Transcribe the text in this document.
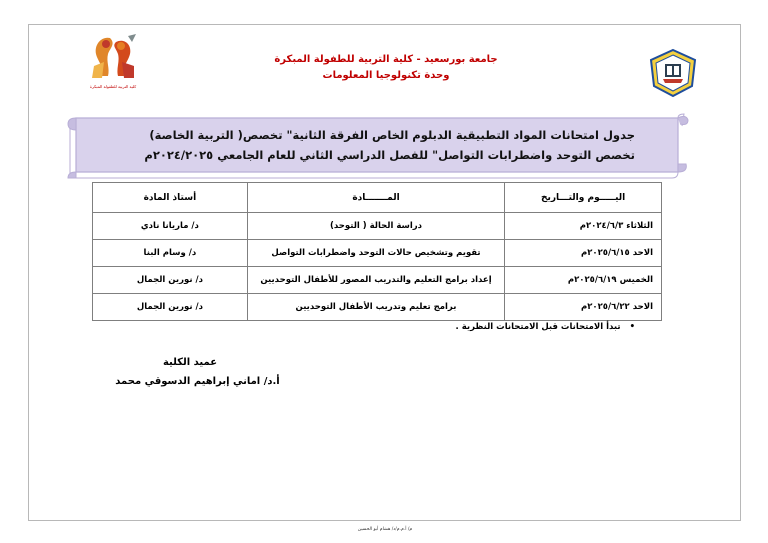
كلية التربية للطفولة المبكرة
جامعة بورسعيد - كلية التربية للطفولة المبكرة
وحدة تكنولوجيا المعلومات
جدول امتحانات المواد التطبيقية الدبلوم الخاص الفرقة الثانية" تخصص( التربية الخاصة)
تخصص التوحد واضطرابات التواصل" للفصل الدراسي الثاني للعام الجامعي ٢٠٢٤/٢٠٢٥م
اليـــــوم والتـــاريخ	المـــــــادة	أستاذ المادة
الثلاثاء ٢٠٢٤/٦/٣م	دراسة الحالة ( التوحد)	د/ ماريانا نادي
الاحد ٢٠٢٥/٦/١٥م	تقويم وتشخيص حالات التوحد واضطرابات التواصل	د/ وسام البنا
الخميس ٢٠٢٥/٦/١٩م	إعداد برامج التعليم والتدريب المصور للأطفال التوحديين	د/ نورين الجمال
الاحد ٢٠٢٥/٦/٢٢م	برامج تعليم وتدريب الأطفال التوحديين	د/ نورين الجمال
• تبدأ الامتحانات قبل الامتحانات النظرية .
عميد الكلية
أ.د/ اماني إبراهيم الدسوقي محمد
م/ أ.م.م/د/ هشام أبو الحسين
